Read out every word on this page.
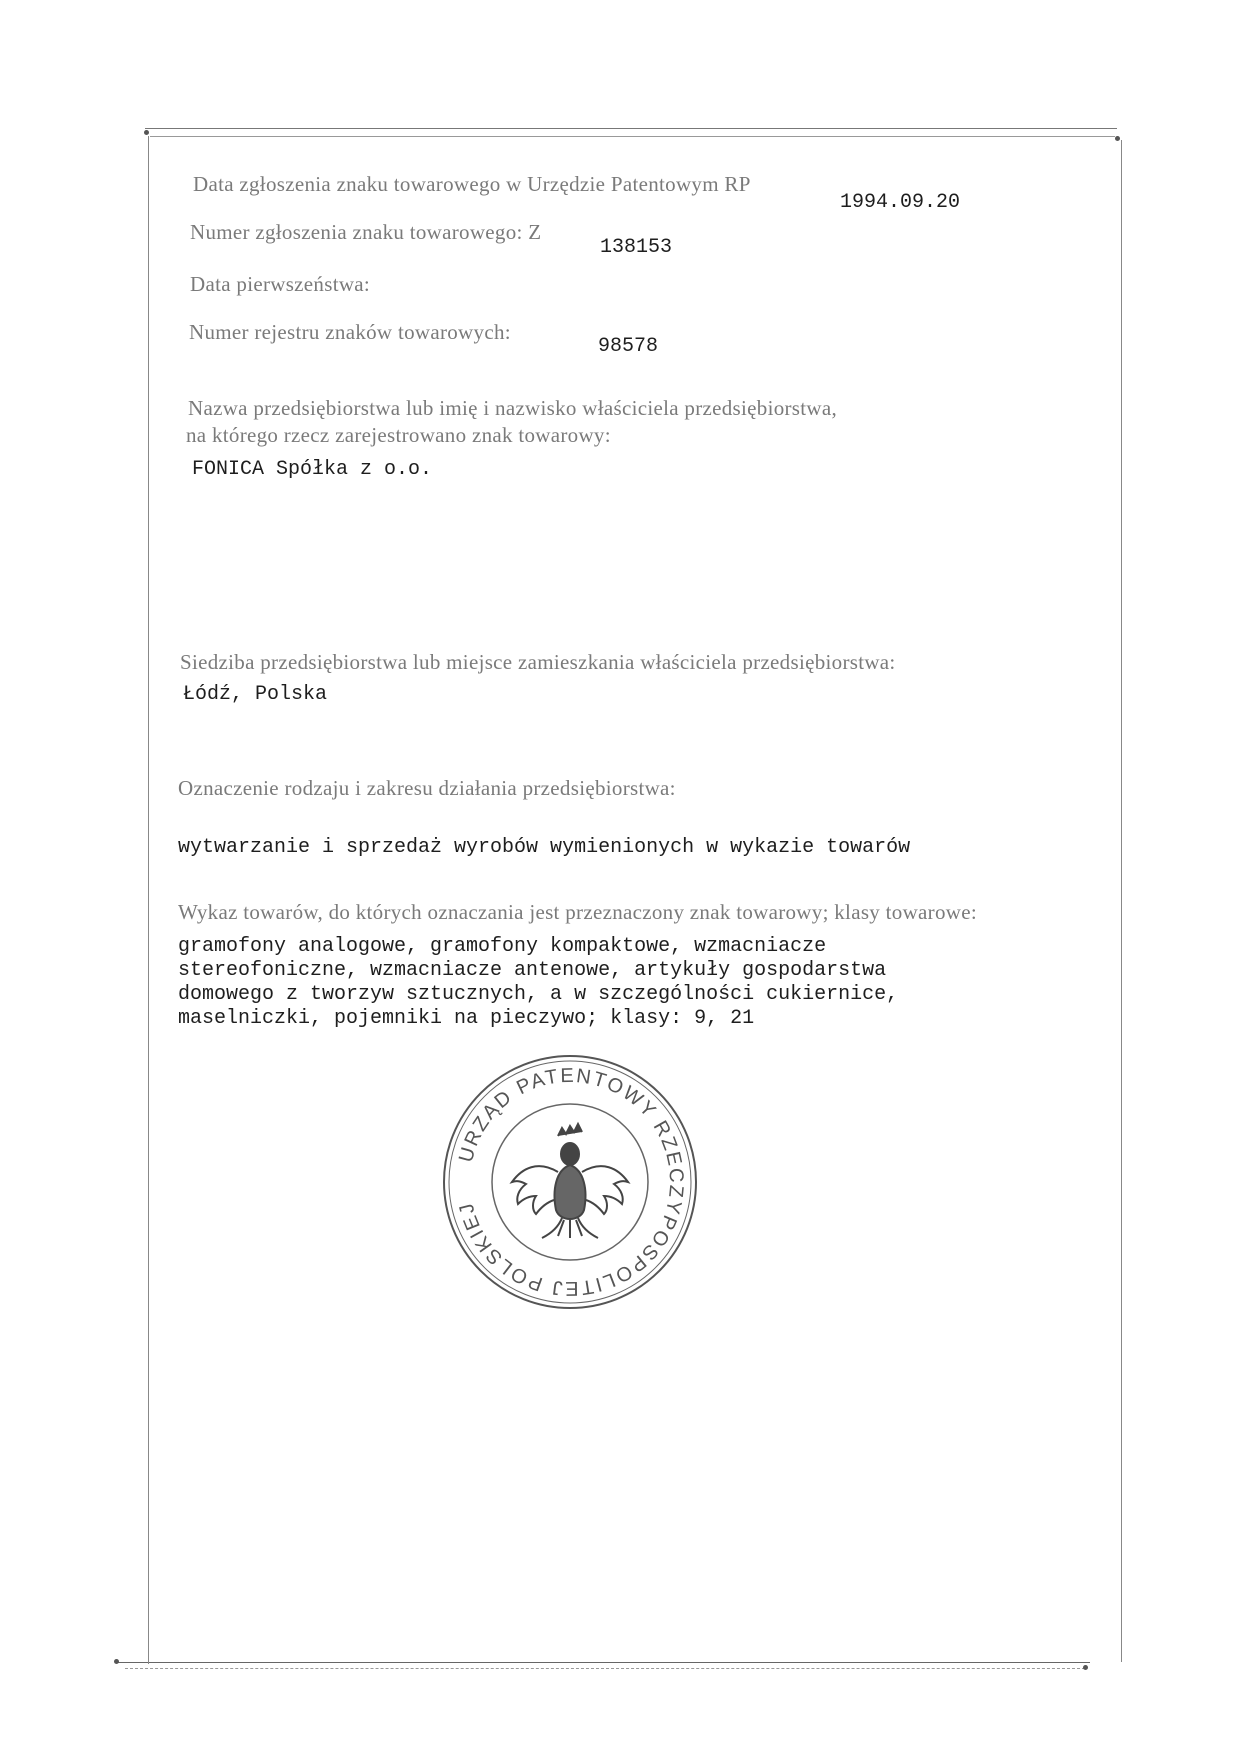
Data zgłoszenia znaku towarowego w Urzędzie Patentowym RP
1994.09.20
Numer zgłoszenia znaku towarowego: Z
138153
Data pierwszeństwa:
Numer rejestru znaków towarowych:
98578
Nazwa przedsiębiorstwa lub imię i nazwisko właściciela przedsiębiorstwa,
na którego rzecz zarejestrowano znak towarowy:
FONICA Spółka z o.o.
Siedziba przedsiębiorstwa lub miejsce zamieszkania właściciela przedsiębiorstwa:
Łódź, Polska
Oznaczenie rodzaju i zakresu działania przedsiębiorstwa:
wytwarzanie i sprzedaż wyrobów wymienionych w wykazie towarów
Wykaz towarów, do których oznaczania jest przeznaczony znak towarowy; klasy towarowe:
gramofony analogowe, gramofony kompaktowe, wzmacniacze
stereofoniczne, wzmacniacze antenowe, artykuły gospodarstwa
domowego z tworzyw sztucznych, a w szczególności cukiernice,
maselniczki, pojemniki na pieczywo; klasy: 9, 21
URZĄD PATENTOWY RZECZYPOSPOLITEJ POLSKIEJ
